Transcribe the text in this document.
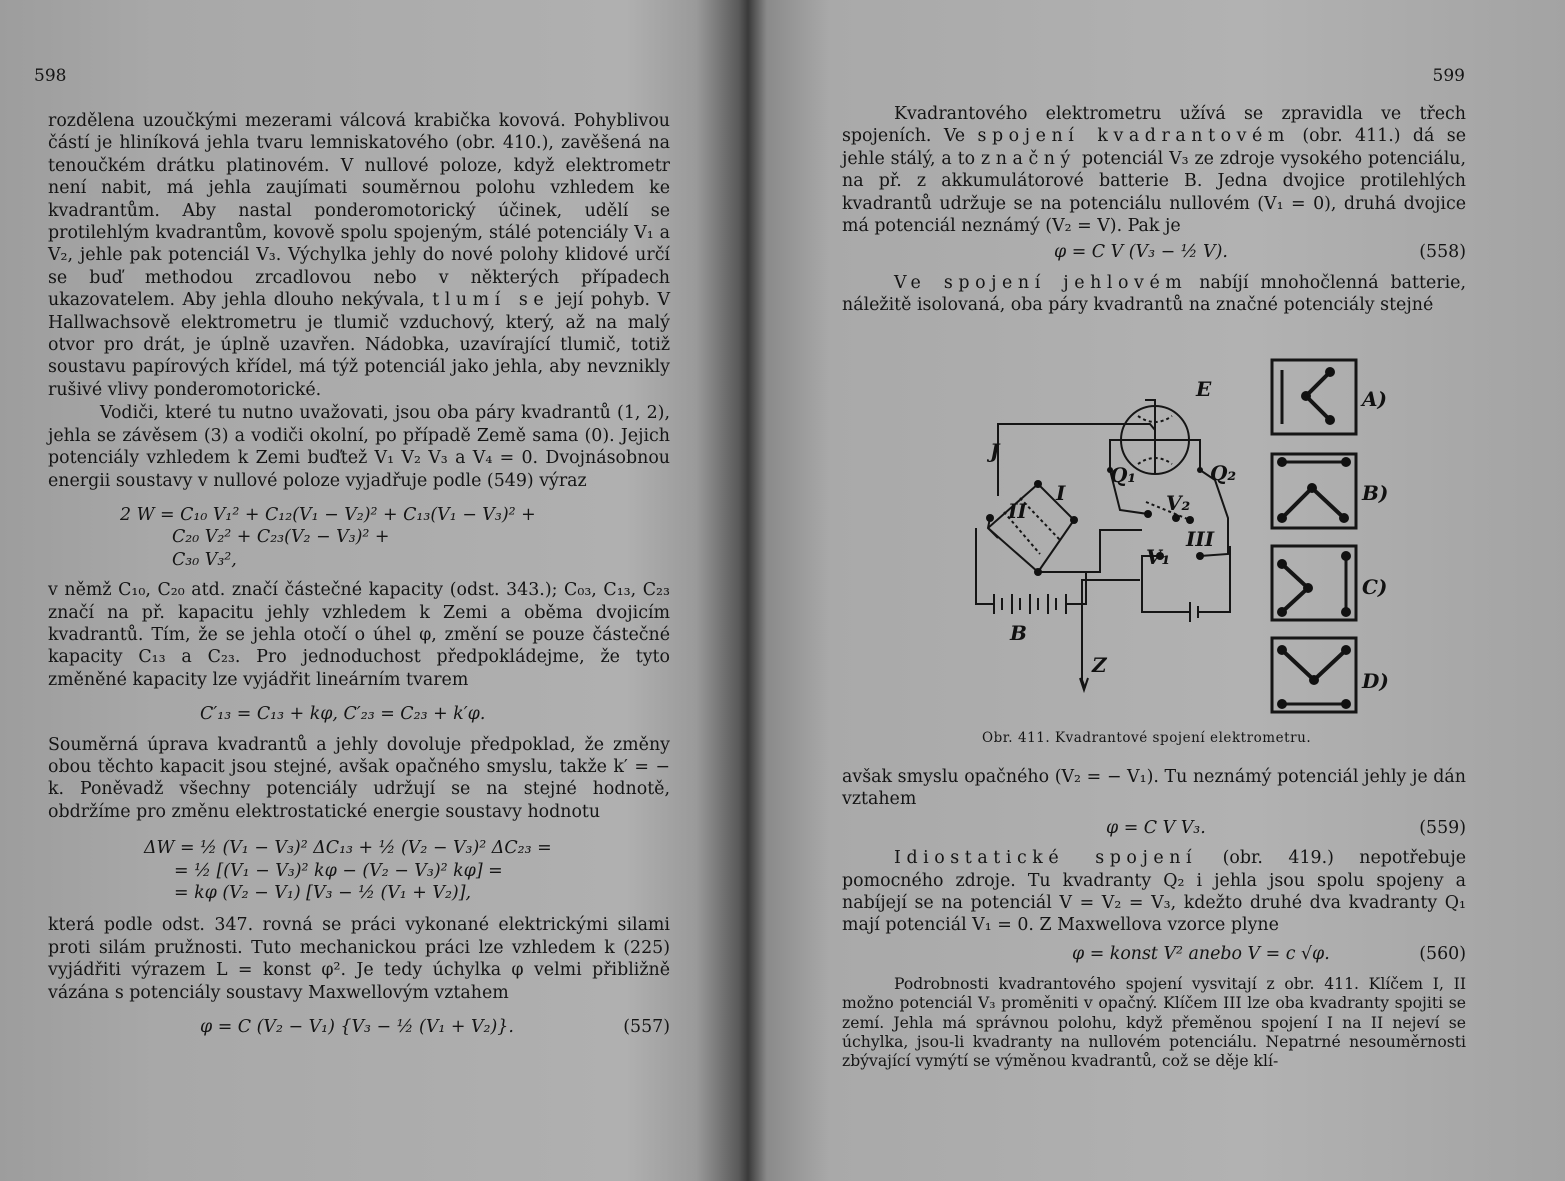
598

rozdělena uzoučkými mezerami válcová krabička kovová. Pohyblivou částí je hliníková jehla tvaru lemniskatového (obr. 410.), zavěšená na tenoučkém drátku platinovém. V nullové poloze, když elektrometr není nabit, má jehla zaujímati souměrnou polohu vzhledem ke kvadrantům. Aby nastal ponderomotorický účinek, udělí se protilehlým kvadrantům, kovově spolu spojeným, stálé potenciály V₁ a V₂, jehle pak potenciál V₃. Výchylka jehly do nové polohy klidové určí se buď methodou zrcadlovou nebo v některých případech ukazovatelem. Aby jehla dlouho nekývala, tlumí se její pohyb. V Hallwachsově elektrometru je tlumič vzduchový, který, až na malý otvor pro drát, je úplně uzavřen. Nádobka, uzavírající tlumič, totiž soustavu papírových křídel, má týž potenciál jako jehla, aby nevznikly rušivé vlivy ponderomotorické.

Vodiči, které tu nutno uvažovati, jsou oba páry kvadrantů (1, 2), jehla se závěsem (3) a vodiči okolní, po případě Země sama (0). Jejich potenciály vzhledem k Zemi buďtež V₁ V₂ V₃ a V₄ = 0. Dvojnásobnou energii soustavy v nullové poloze vyjadřuje podle (549) výraz

2 W = C₁₀ V₁² + C₁₂(V₁ − V₂)² + C₁₃(V₁ − V₃)² +
C₂₀ V₂² + C₂₃(V₂ − V₃)² +
C₃₀ V₃²,

v němž C₁₀, C₂₀ atd. značí částečné kapacity (odst. 343.); C₀₃, C₁₃, C₂₃ značí na př. kapacitu jehly vzhledem k Zemi a oběma dvojicím kvadrantů. Tím, že se jehla otočí o úhel φ, změní se pouze částečné kapacity C₁₃ a C₂₃. Pro jednoduchost předpokládejme, že tyto změněné kapacity lze vyjádřit lineárním tvarem

C′₁₃ = C₁₃ + kφ, C′₂₃ = C₂₃ + k′φ.

Souměrná úprava kvadrantů a jehly dovoluje předpoklad, že změny obou těchto kapacit jsou stejné, avšak opačného smyslu, takže k′ = − k. Poněvadž všechny potenciály udržují se na stejné hodnotě, obdržíme pro změnu elektrostatické energie soustavy hodnotu

ΔW = ½ (V₁ − V₃)² ΔC₁₃ + ½ (V₂ − V₃)² ΔC₂₃ =
= ½ [(V₁ − V₃)² kφ − (V₂ − V₃)² kφ] =
= kφ (V₂ − V₁) [V₃ − ½ (V₁ + V₂)],

která podle odst. 347. rovná se práci vykonané elektrickými silami proti silám pružnosti. Tuto mechanickou práci lze vzhledem k (225) vyjádřiti výrazem L = konst φ². Je tedy úchylka φ velmi přibližně vázána s potenciály soustavy Maxwellovým vztahem

φ = C (V₂ − V₁) {V₃ − ½ (V₁ + V₂)}.	(557)
599

Kvadrantového elektrometru užívá se zpravidla ve třech spojeních. Ve spojení kvadrantovém (obr. 411.) dá se jehle stálý, a to značný potenciál V₃ ze zdroje vysokého potenciálu, na př. z akkumulátorové batterie B. Jedna dvojice protilehlých kvadrantů udržuje se na potenciálu nullovém (V₁ = 0), druhá dvojice má potenciál neznámý (V₂ = V). Pak je

φ = C V (V₃ − ½ V).	(558)

Ve spojení jehlovém nabíjí mnohočlenná batterie, náležitě isolovaná, oba páry kvadrantů na značné potenciály stejné

E
J
I
II
III
Q₁	Q₂
V₂
V₁
B
Z
A)
B)
C)
D)
Obr. 411. Kvadrantové spojení elektrometru.

avšak smyslu opačného (V₂ = − V₁). Tu neznámý potenciál jehly je dán vztahem

φ = C V V₃.	(559)

Idiostatické spojení (obr. 419.) nepotřebuje pomocného zdroje. Tu kvadranty Q₂ i jehla jsou spolu spojeny a nabíjejí se na potenciál V = V₂ = V₃, kdežto druhé dva kvadranty Q₁ mají potenciál V₁ = 0. Z Maxwellova vzorce plyne

φ = konst V² anebo V = c √φ.	(560)

Podrobnosti kvadrantového spojení vysvitají z obr. 411. Klíčem I, II možno potenciál V₃ proměniti v opačný. Klíčem III lze oba kvadranty spojiti se zemí. Jehla má správnou polohu, když přeměnou spojení I na II nejeví se úchylka, jsou-li kvadranty na nullovém potenciálu. Nepatrné nesouměrnosti zbývající vymýtí se výměnou kvadrantů, což se děje klí-
